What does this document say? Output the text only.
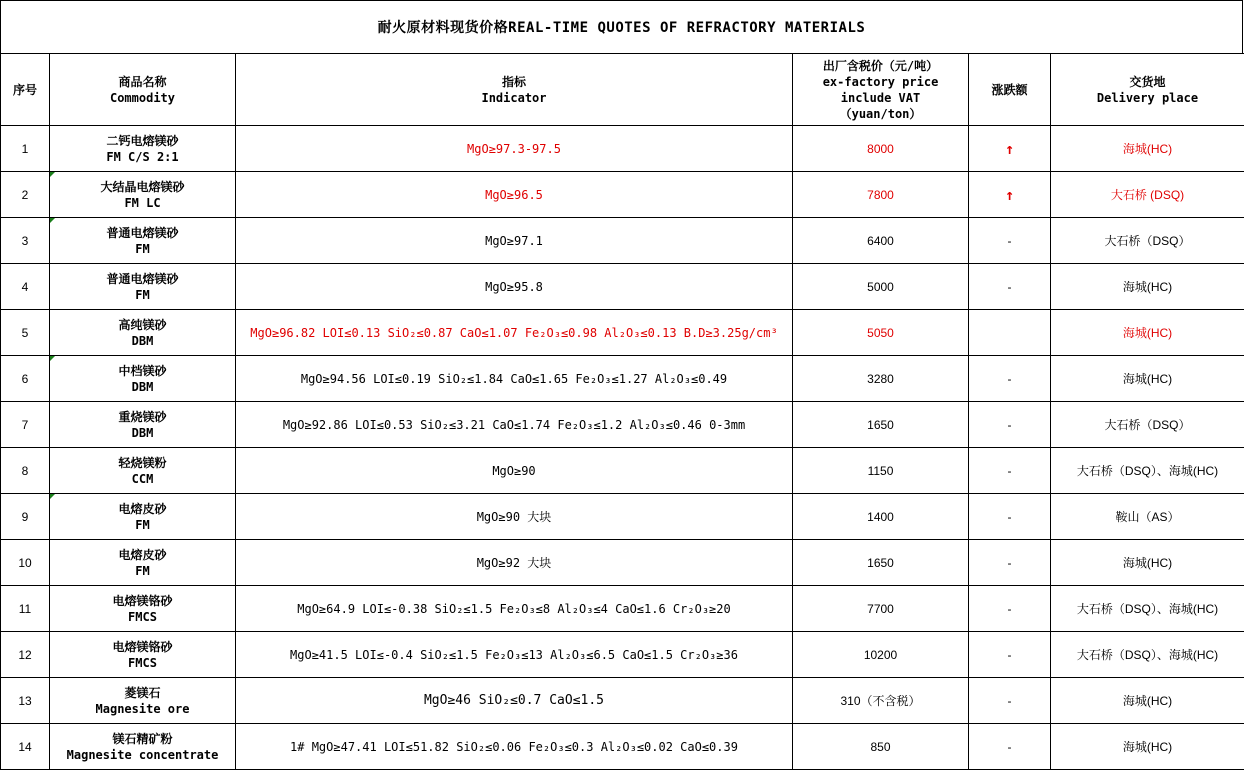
耐火原材料现货价格REAL-TIME QUOTES OF REFRACTORY MATERIALS
序号	商品名称
Commodity	指标
Indicator	出厂含税价（元/吨）
ex-factory price
include VAT
（yuan/ton）	涨跌额	交货地
Delivery place

1	二钙电熔镁砂
FM C/S 2:1	MgO≥97.3-97.5	8000	↑	海城(HC)
2	大结晶电熔镁砂
FM LC	MgO≥96.5	7800	↑	大石桥 (DSQ)
3	普通电熔镁砂
FM	MgO≥97.1	6400	-	大石桥（DSQ）
4	普通电熔镁砂
FM	MgO≥95.8	5000	-	海城(HC)
5	高纯镁砂
DBM	MgO≥96.82 LOI≤0.13 SiO₂≤0.87 CaO≤1.07 Fe₂O₃≤0.98 Al₂O₃≤0.13 B.D≥3.25g/cm³	5050		海城(HC)
6	中档镁砂
DBM	MgO≥94.56 LOI≤0.19 SiO₂≤1.84 CaO≤1.65 Fe₂O₃≤1.27 Al₂O₃≤0.49	3280	-	海城(HC)
7	重烧镁砂
DBM	MgO≥92.86 LOI≤0.53 SiO₂≤3.21 CaO≤1.74 Fe₂O₃≤1.2 Al₂O₃≤0.46 0-3mm	1650	-	大石桥（DSQ）
8	轻烧镁粉
CCM	MgO≥90	1150	-	大石桥（DSQ）、海城(HC)
9	电熔皮砂
FM	MgO≥90 大块	1400	-	鞍山（AS）
10	电熔皮砂
FM	MgO≥92 大块	1650	-	海城(HC)
11	电熔镁铬砂
FMCS	MgO≥64.9 LOI≤-0.38 SiO₂≤1.5 Fe₂O₃≤8 Al₂O₃≤4 CaO≤1.6 Cr₂O₃≥20	7700	-	大石桥（DSQ）、海城(HC)
12	电熔镁铬砂
FMCS	MgO≥41.5 LOI≤-0.4 SiO₂≤1.5 Fe₂O₃≤13 Al₂O₃≤6.5 CaO≤1.5 Cr₂O₃≥36	10200	-	大石桥（DSQ）、海城(HC)
13	菱镁石
Magnesite ore	MgO≥46 SiO₂≤0.7 CaO≤1.5	310（不含税）	-	海城(HC)
14	镁石精矿粉
Magnesite concentrate	1# MgO≥47.41 LOI≤51.82 SiO₂≤0.06 Fe₂O₃≤0.3 Al₂O₃≤0.02 CaO≤0.39	850	-	海城(HC)
